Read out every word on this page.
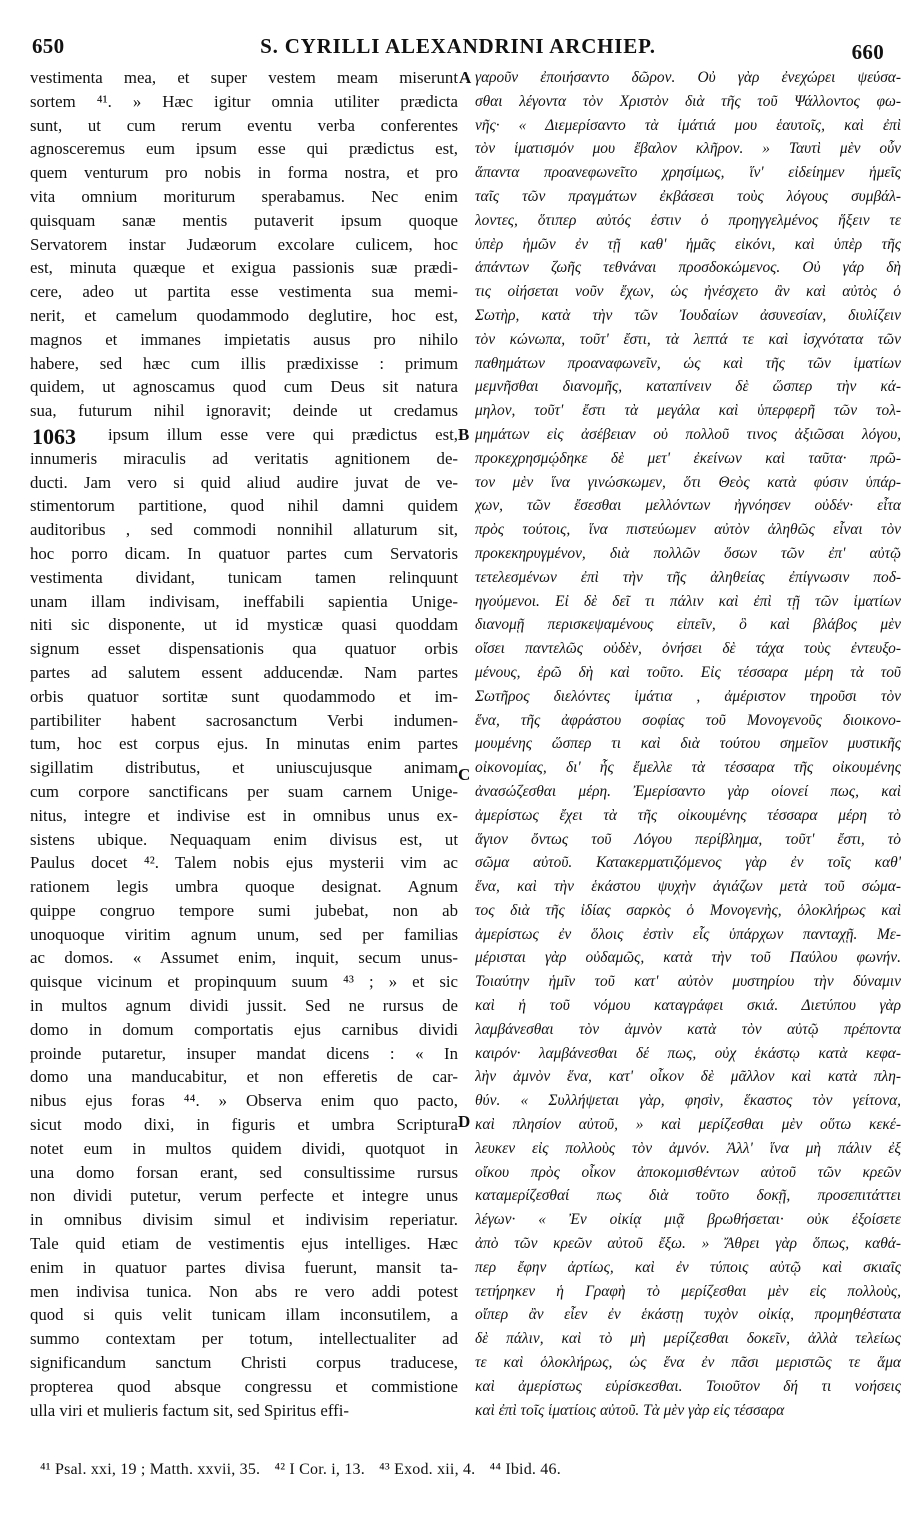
650	S. CYRILLI ALEXANDRINI ARCHIEP.	660
vestimenta mea, et super vestem meam miserunt
sortem ⁴¹. » Hæc igitur omnia utiliter prædicta
sunt, ut cum rerum eventu verba conferentes
agnosceremus eum ipsum esse qui prædictus est,
quem venturum pro nobis in forma nostra, et pro
vita omnium moriturum sperabamus. Nec enim
quisquam sanæ mentis putaverit ipsum quoque
Servatorem instar Judæorum excolare culicem, hoc
est, minuta quæque et exigua passionis suæ prædi-
cere, adeo ut partita esse vestimenta sua memi-
nerit, et camelum quodammodo deglutire, hoc est,
magnos et immanes impietatis ausus pro nihilo
habere, sed hæc cum illis prædixisse : primum
quidem, ut agnoscamus quod cum Deus sit natura
sua, futurum nihil ignoravit; deinde ut credamus
ipsum illum esse vere qui prædictus est,
innumeris miraculis ad veritatis agnitionem de-
ducti. Jam vero si quid aliud audire juvat de ve-
stimentorum partitione, quod nihil damni quidem
auditoribus , sed commodi nonnihil allaturum sit,
hoc porro dicam. In quatuor partes cum Servatoris
vestimenta dividant, tunicam tamen relinquunt
unam illam indivisam, ineffabili sapientia Unige-
niti sic disponente, ut id mysticæ quasi quoddam
signum esset dispensationis qua quatuor orbis
partes ad salutem essent adducendæ. Nam partes
orbis quatuor sortitæ sunt quodammodo et im-
partibiliter habent sacrosanctum Verbi indumen-
tum, hoc est corpus ejus. In minutas enim partes
sigillatim distributus, et uniuscujusque animam
cum corpore sanctificans per suam carnem Unige-
nitus, integre et indivise est in omnibus unus ex-
sistens ubique. Nequaquam enim divisus est, ut
Paulus docet ⁴². Talem nobis ejus mysterii vim ac
rationem legis umbra quoque designat. Agnum
quippe congruo tempore sumi jubebat, non ab
unoquoque viritim agnum unum, sed per familias
ac domos. « Assumet enim, inquit, secum unus-
quisque vicinum et propinquum suum ⁴³ ; » et sic
in multos agnum dividi jussit. Sed ne rursus de
domo in domum comportatis ejus carnibus dividi
proinde putaretur, insuper mandat dicens : « In
domo una manducabitur, et non efferetis de car-
nibus ejus foras ⁴⁴. » Observa enim quo pacto,
sicut modo dixi, in figuris et umbra Scriptura
notet eum in multos quidem dividi, quotquot in
una domo forsan erant, sed consultissime rursus
non dividi putetur, verum perfecte et integre unus
in omnibus divisim simul et indivisim reperiatur.
Tale quid etiam de vestimentis ejus intelliges. Hæc
enim in quatuor partes divisa fuerunt, mansit ta-
men indivisa tunica. Non abs re vero addi potest
quod si quis velit tunicam illam inconsutilem, a
summo contextam per totum, intellectualiter ad
significandum sanctum Christi corpus traducese,
propterea quod absque congressu et commistione
ulla viri et mulieris factum sit, sed Spiritus effi-
γαροῦν ἐποιήσαντο δῶρον. Οὐ γὰρ ἐνεχώρει ψεύσα-
σθαι λέγοντα τὸν Χριστὸν διὰ τῆς τοῦ Ψάλλοντος φω-
νῆς· « Διεμερίσαντο τὰ ἱμάτιά μου ἑαυτοῖς, καὶ ἐπὶ
τὸν ἱματισμόν μου ἔβαλον κλῆρον. » Ταυτὶ μὲν οὖν
ἅπαντα προανεφωνεῖτο χρησίμως, ἵν' εἰδείημεν ἡμεῖς
ταῖς τῶν πραγμάτων ἐκβάσεσι τοὺς λόγους συμβάλ-
λοντες, ὅτιπερ αὐτός ἐστιν ὁ προηγγελμένος ἥξειν τε
ὑπὲρ ἡμῶν ἐν τῇ καθ' ἡμᾶς εἰκόνι, καὶ ὑπὲρ τῆς
ἁπάντων ζωῆς τεθνάναι προσδοκώμενος. Οὐ γάρ δὴ
τις οἰήσεται νοῦν ἔχων, ὡς ἠνέσχετο ἂν καὶ αὐτὸς ὁ
Σωτὴρ, κατὰ τὴν τῶν Ἰουδαίων ἀσυνεσίαν, διυλίζειν
τὸν κώνωπα, τοῦτ' ἔστι, τὰ λεπτά τε καὶ ἰσχνότατα τῶν
παθημάτων προαναφωνεῖν, ὡς καὶ τῆς τῶν ἱματίων
μεμνῆσθαι διανομῆς, καταπίνειν δὲ ὥσπερ τὴν κά-
μηλον, τοῦτ' ἔστι τὰ μεγάλα καὶ ὑπερφερῆ τῶν τολ-
μημάτων εἰς ἀσέβειαν οὐ πολλοῦ τινος ἀξιῶσαι λόγου,
προκεχρησμῴδηκε δὲ μετ' ἐκείνων καὶ ταῦτα· πρῶ-
τον μὲν ἵνα γινώσκωμεν, ὅτι Θεὸς κατὰ φύσιν ὑπάρ-
χων, τῶν ἔσεσθαι μελλόντων ἠγνόησεν οὐδέν· εἶτα
πρὸς τούτοις, ἵνα πιστεύωμεν αὐτὸν ἀληθῶς εἶναι τὸν
προκεκηρυγμένον, διὰ πολλῶν ὅσων τῶν ἐπ' αὐτῷ
τετελεσμένων ἐπὶ τὴν τῆς ἀληθείας ἐπίγνωσιν ποδ-
ηγούμενοι. Εἰ δὲ δεῖ τι πάλιν καὶ ἐπὶ τῇ τῶν ἱματίων
διανομῇ περισκεψαμένους εἰπεῖν, ὃ καὶ βλάβος μὲν
οἴσει παντελῶς οὐδὲν, ὀνήσει δὲ τάχα τοὺς ἐντευξο-
μένους, ἐρῶ δὴ καὶ τοῦτο. Εἰς τέσσαρα μέρη τὰ τοῦ
Σωτῆρος διελόντες ἱμάτια , ἀμέριστον τηροῦσι τὸν
ἕνα, τῆς ἀφράστου σοφίας τοῦ Μονογενοῦς διοικονο-
μουμένης ὥσπερ τι καὶ διὰ τούτου σημεῖον μυστικῆς
οἰκονομίας, δι' ἧς ἔμελλε τὰ τέσσαρα τῆς οἰκουμένης
ἀνασώζεσθαι μέρη. Ἐμερίσαντο γὰρ οἱονεί πως, καὶ
ἀμερίστως ἔχει τὰ τῆς οἰκουμένης τέσσαρα μέρη τὸ
ἅγιον ὄντως τοῦ Λόγου περίβλημα, τοῦτ' ἔστι, τὸ
σῶμα αὐτοῦ. Κατακερματιζόμενος γὰρ ἐν τοῖς καθ'
ἕνα, καὶ τὴν ἑκάστου ψυχὴν ἁγιάζων μετὰ τοῦ σώμα-
τος διὰ τῆς ἰδίας σαρκὸς ὁ Μονογενὴς, ὁλοκλήρως καὶ
ἀμερίστως ἐν ὅλοις ἐστὶν εἷς ὑπάρχων πανταχῇ. Με-
μέρισται γὰρ οὐδαμῶς, κατὰ τὴν τοῦ Παύλου φωνήν.
Τοιαύτην ἡμῖν τοῦ κατ' αὐτὸν μυστηρίου τὴν δύναμιν
καὶ ἡ τοῦ νόμου καταγράφει σκιά. Διετύπου γὰρ
λαμβάνεσθαι τὸν ἀμνὸν κατὰ τὸν αὐτῷ πρέποντα
καιρόν· λαμβάνεσθαι δέ πως, οὐχ ἑκάστῳ κατὰ κεφα-
λὴν ἀμνὸν ἕνα, κατ' οἶκον δὲ μᾶλλον καὶ κατὰ πλη-
θύν. « Συλλήψεται γὰρ, φησὶν, ἕκαστος τὸν γείτονα,
καὶ πλησίον αὐτοῦ, » καὶ μερίζεσθαι μὲν οὕτω κεκέ-
λευκεν εἰς πολλοὺς τὸν ἀμνόν. Ἀλλ' ἵνα μὴ πάλιν ἐξ
οἴκου πρὸς οἶκον ἀποκομισθέντων αὐτοῦ τῶν κρεῶν
καταμερίζεσθαί πως διὰ τοῦτο δοκῇ, προσεπιτάττει
λέγων· « Ἐν οἰκίᾳ μιᾷ βρωθήσεται· οὐκ ἐξοίσετε
ἀπὸ τῶν κρεῶν αὐτοῦ ἔξω. » Ἄθρει γὰρ ὅπως, καθά-
περ ἔφην ἀρτίως, καὶ ἐν τύποις αὐτῷ καὶ σκιαῖς
τετήρηκεν ἡ Γραφὴ τὸ μερίζεσθαι μὲν εἰς πολλοὺς,
οἴπερ ἂν εἶεν ἐν ἑκάστῃ τυχὸν οἰκίᾳ, προμηθέστατα
δὲ πάλιν, καὶ τὸ μὴ μερίζεσθαι δοκεῖν, ἀλλὰ τελείως
τε καὶ ὁλοκλήρως, ὡς ἕνα ἐν πᾶσι μεριστῶς τε ἅμα
καὶ ἀμερίστως εὑρίσκεσθαι. Τοιοῦτον δή τι νοήσεις
καὶ ἐπὶ τοῖς ἱματίοις αὐτοῦ. Τὰ μὲν γὰρ εἰς τέσσαρα
1063
A
B
C
D
⁴¹ Psal. xxi, 19 ; Matth. xxvii, 35. ⁴² I Cor. i, 13. ⁴³ Exod. xii, 4. ⁴⁴ Ibid. 46.
